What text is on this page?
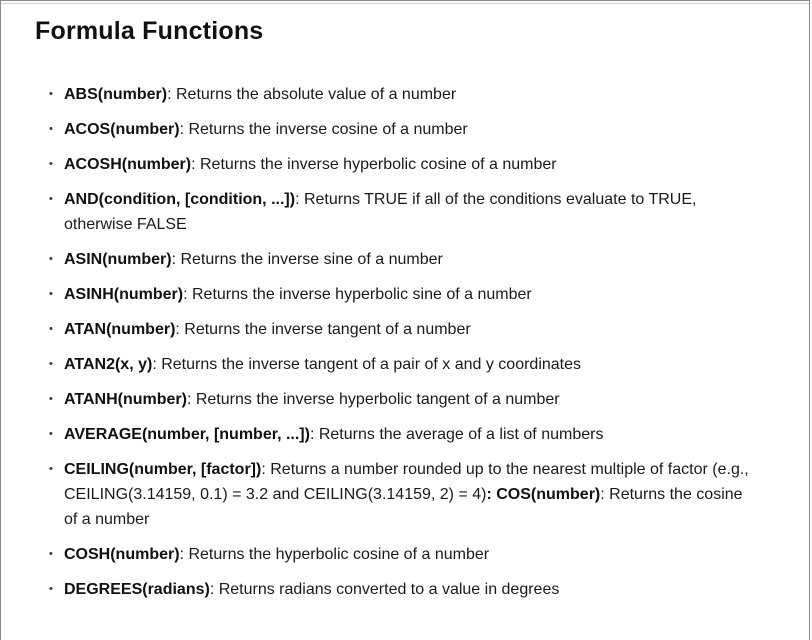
Formula Functions
• ABS(number): Returns the absolute value of a number
• ACOS(number): Returns the inverse cosine of a number
• ACOSH(number): Returns the inverse hyperbolic cosine of a number
• AND(condition, [condition, ...]): Returns TRUE if all of the conditions evaluate to TRUE, otherwise FALSE
• ASIN(number): Returns the inverse sine of a number
• ASINH(number): Returns the inverse hyperbolic sine of a number
• ATAN(number): Returns the inverse tangent of a number
• ATAN2(x, y): Returns the inverse tangent of a pair of x and y coordinates
• ATANH(number): Returns the inverse hyperbolic tangent of a number
• AVERAGE(number, [number, ...]): Returns the average of a list of numbers
• CEILING(number, [factor]): Returns a number rounded up to the nearest multiple of factor (e.g., CEILING(3.14159, 0.1) = 3.2 and CEILING(3.14159, 2) = 4): COS(number): Returns the cosine of a number
• COSH(number): Returns the hyperbolic cosine of a number
• DEGREES(radians): Returns radians converted to a value in degrees
